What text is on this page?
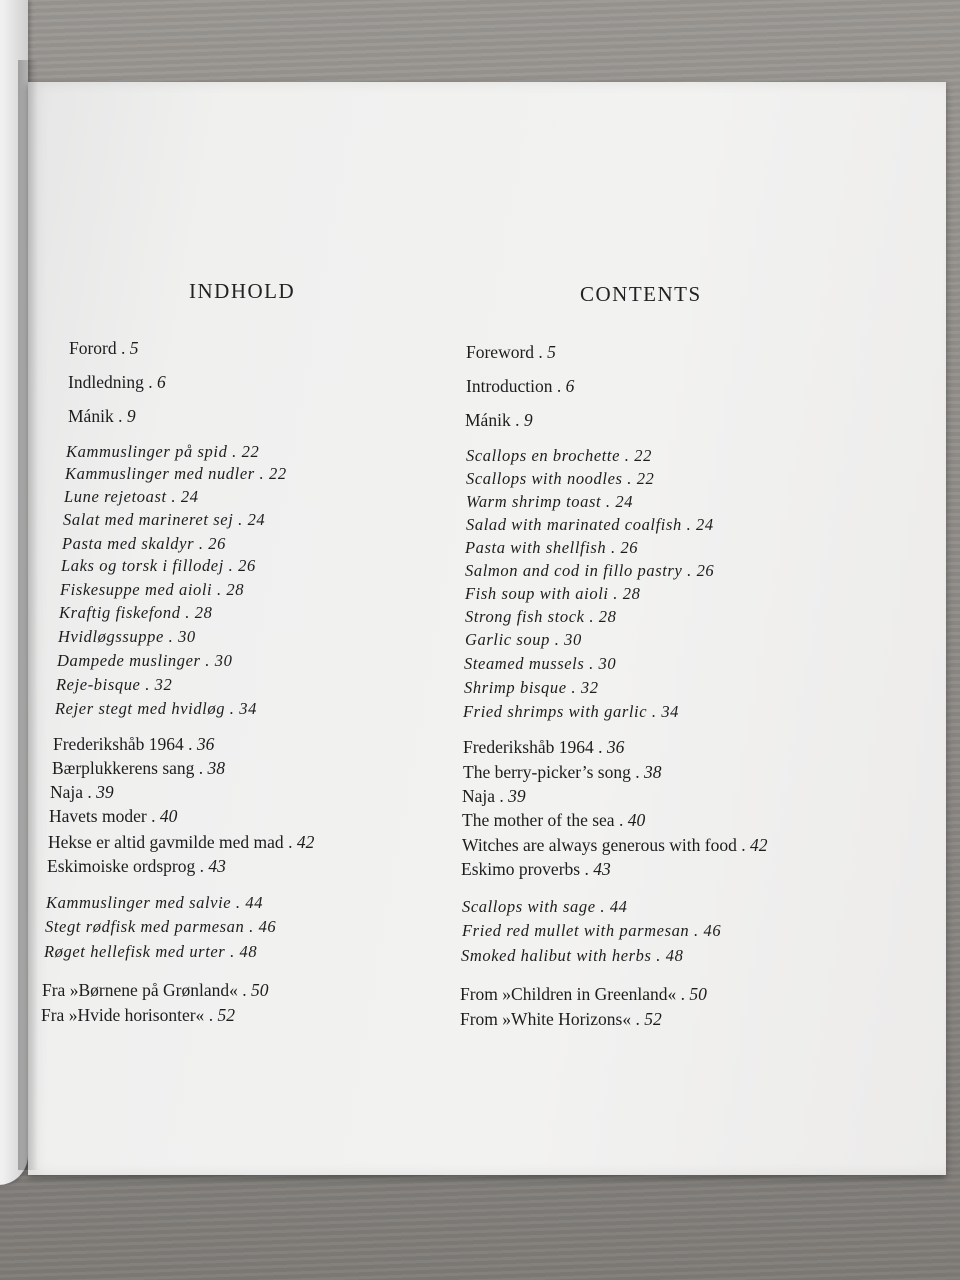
INDHOLD	CONTENTS
Forord . 5
Indledning . 6
Mánik . 9
Kammuslinger på spid . 22
Kammuslinger med nudler . 22
Lune rejetoast . 24
Salat med marineret sej . 24
Pasta med skaldyr . 26
Laks og torsk i fillodej . 26
Fiskesuppe med aioli . 28
Kraftig fiskefond . 28
Hvidløgssuppe . 30
Dampede muslinger . 30
Reje-bisque . 32
Rejer stegt med hvidløg . 34
Frederikshåb 1964 . 36
Bærplukkerens sang . 38
Naja . 39
Havets moder . 40
Hekse er altid gavmilde med mad . 42
Eskimoiske ordsprog . 43
Kammuslinger med salvie . 44
Stegt rødfisk med parmesan . 46
Røget hellefisk med urter . 48
Fra »Børnene på Grønland« . 50
Fra »Hvide horisonter« . 52
Foreword . 5
Introduction . 6
Mánik . 9
Scallops en brochette . 22
Scallops with noodles . 22
Warm shrimp toast . 24
Salad with marinated coalfish . 24
Pasta with shellfish . 26
Salmon and cod in fillo pastry . 26
Fish soup with aioli . 28
Strong fish stock . 28
Garlic soup . 30
Steamed mussels . 30
Shrimp bisque . 32
Fried shrimps with garlic . 34
Frederikshåb 1964 . 36
The berry-picker’s song . 38
Naja . 39
The mother of the sea . 40
Witches are always generous with food . 42
Eskimo proverbs . 43
Scallops with sage . 44
Fried red mullet with parmesan . 46
Smoked halibut with herbs . 48
From »Children in Greenland« . 50
From »White Horizons« . 52
